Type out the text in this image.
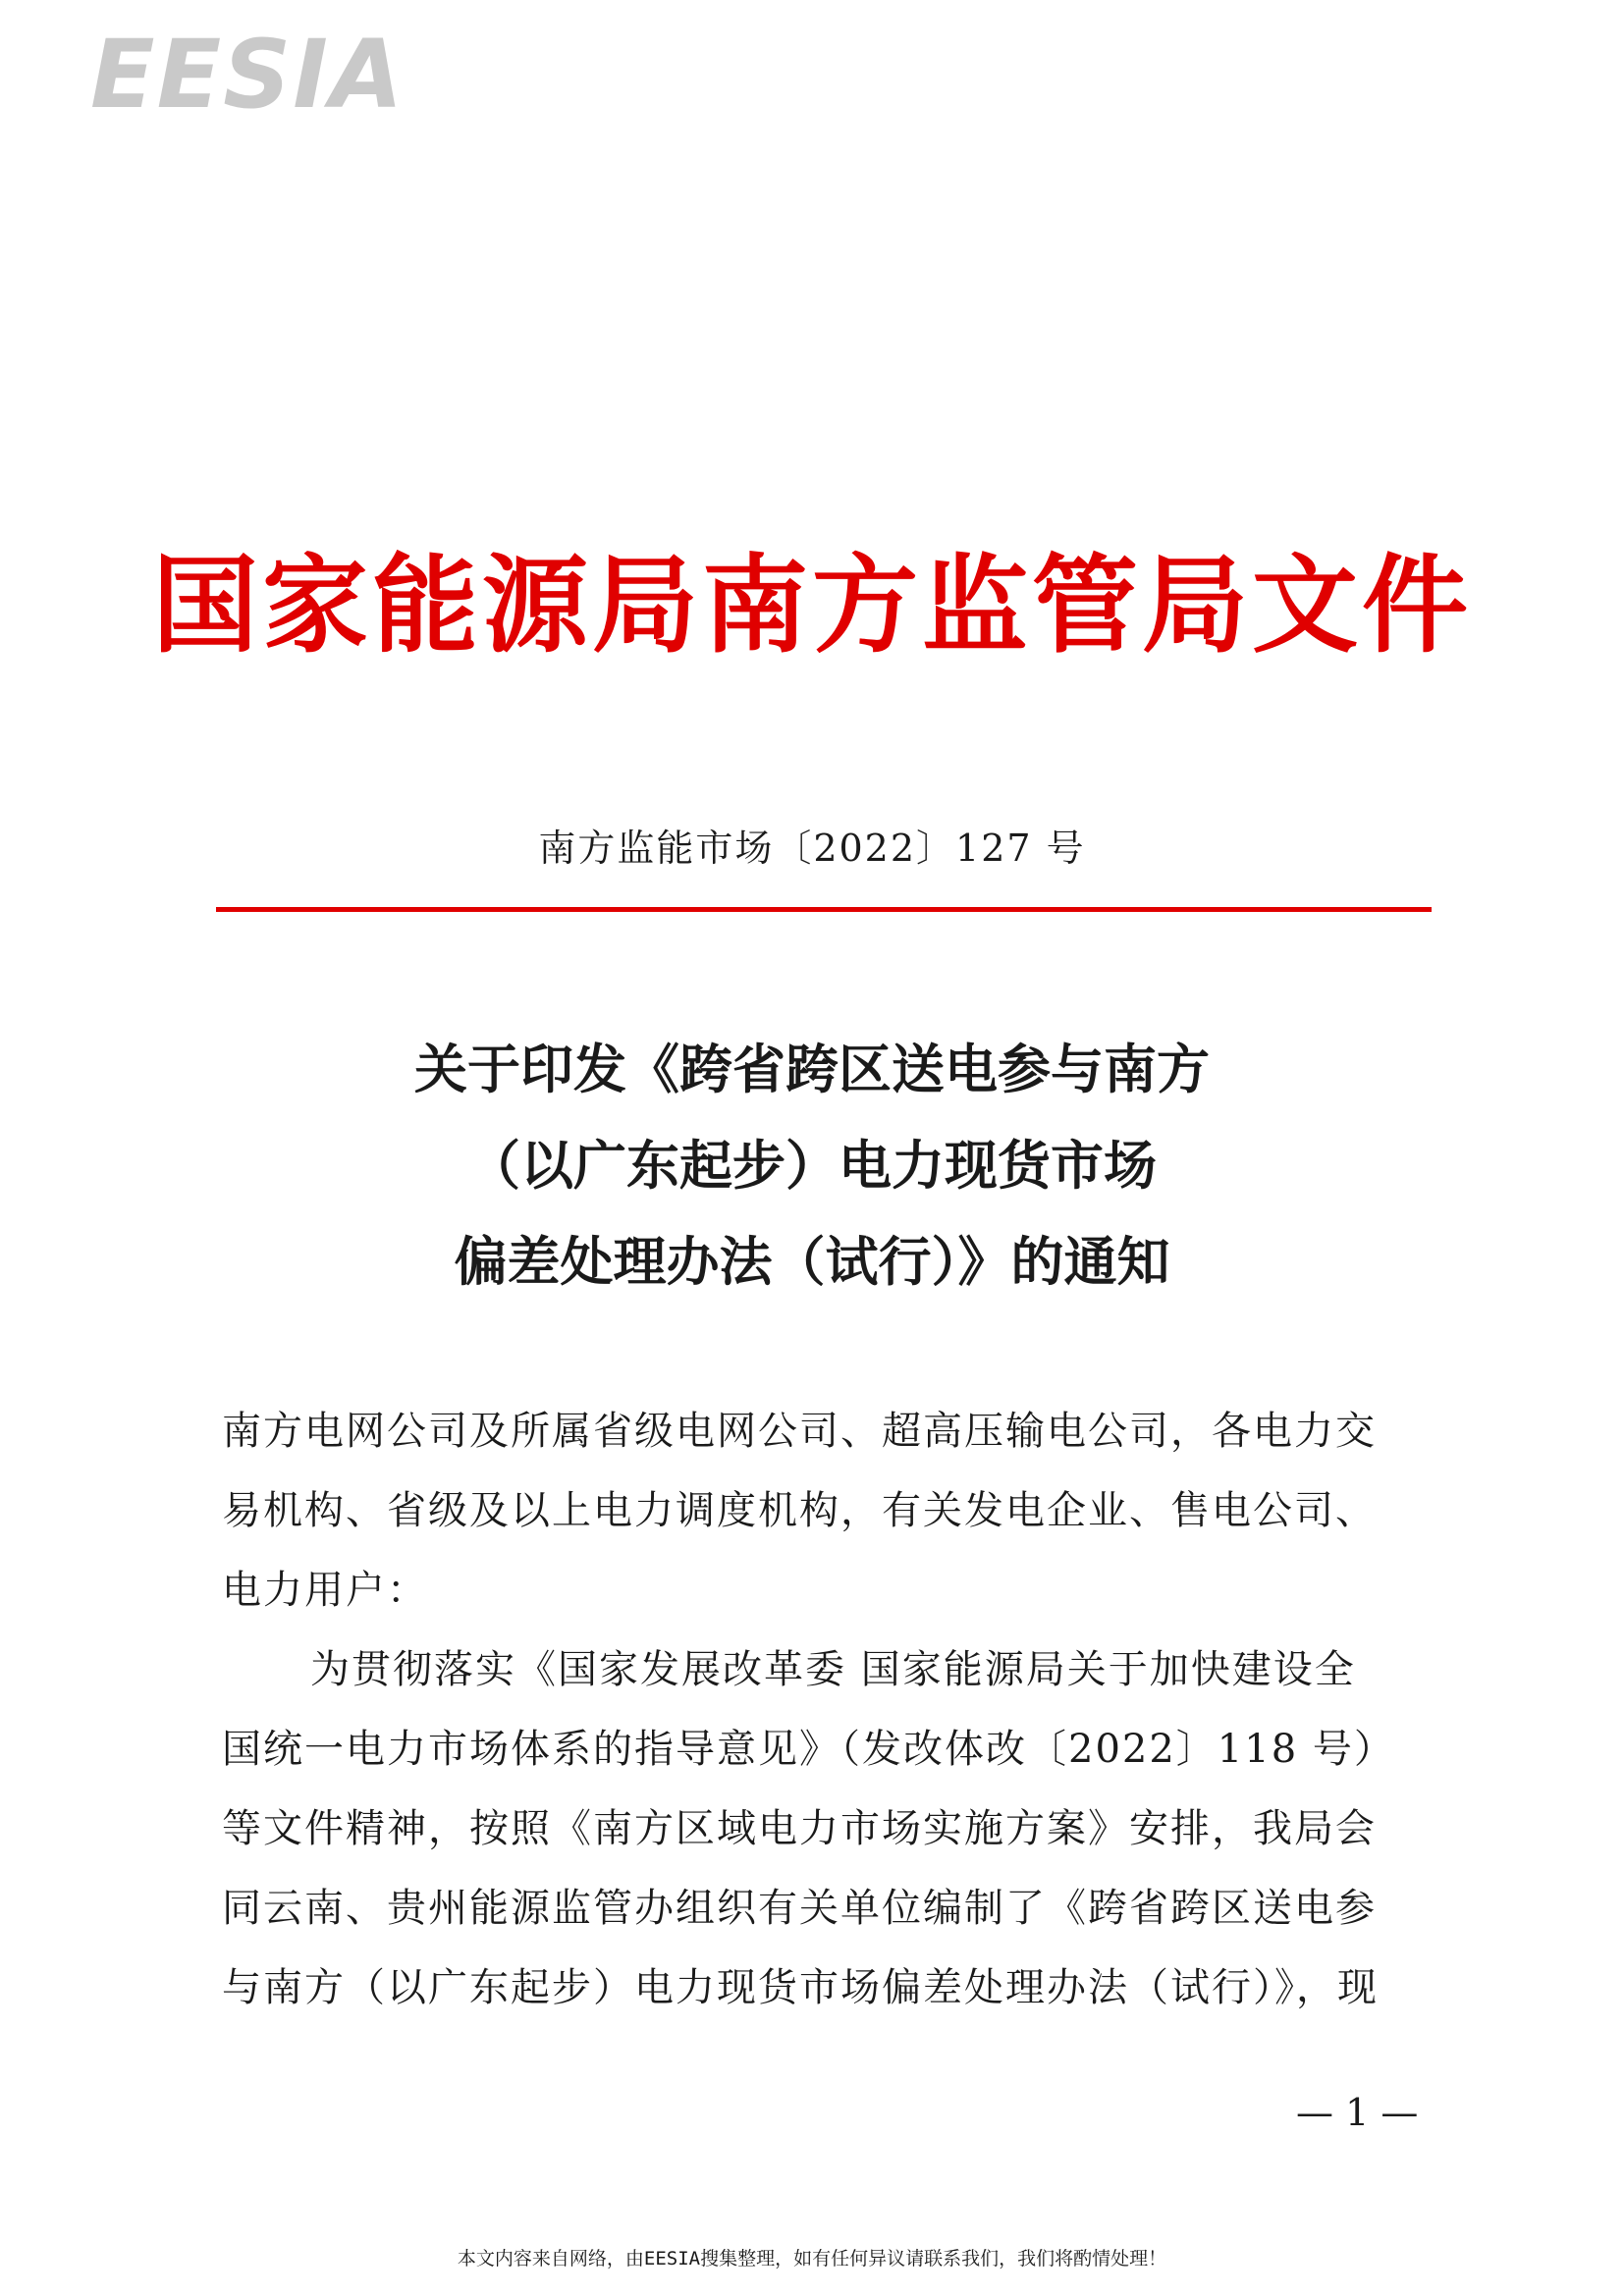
EESIA
国家能源局南方监管局文件
南方监能市场〔2022〕127 号
关于印发《跨省跨区送电参与南方
（以广东起步）电力现货市场
偏差处理办法（试行）》的通知
南方电网公司及所属省级电网公司、超高压输电公司，各电力交
易机构、省级及以上电力调度机构，有关发电企业、售电公司、
电力用户：
为贯彻落实《国家发展改革委 国家能源局关于加快建设全
国统一电力市场体系的指导意见》（发改体改〔2022〕118 号）
等文件精神，按照《南方区域电力市场实施方案》安排，我局会
同云南、贵州能源监管办组织有关单位编制了《跨省跨区送电参
与南方（以广东起步）电力现货市场偏差处理办法（试行）》，现
— 1 —
本文内容来自网络，由EESIA搜集整理，如有任何异议请联系我们，我们将酌情处理！
